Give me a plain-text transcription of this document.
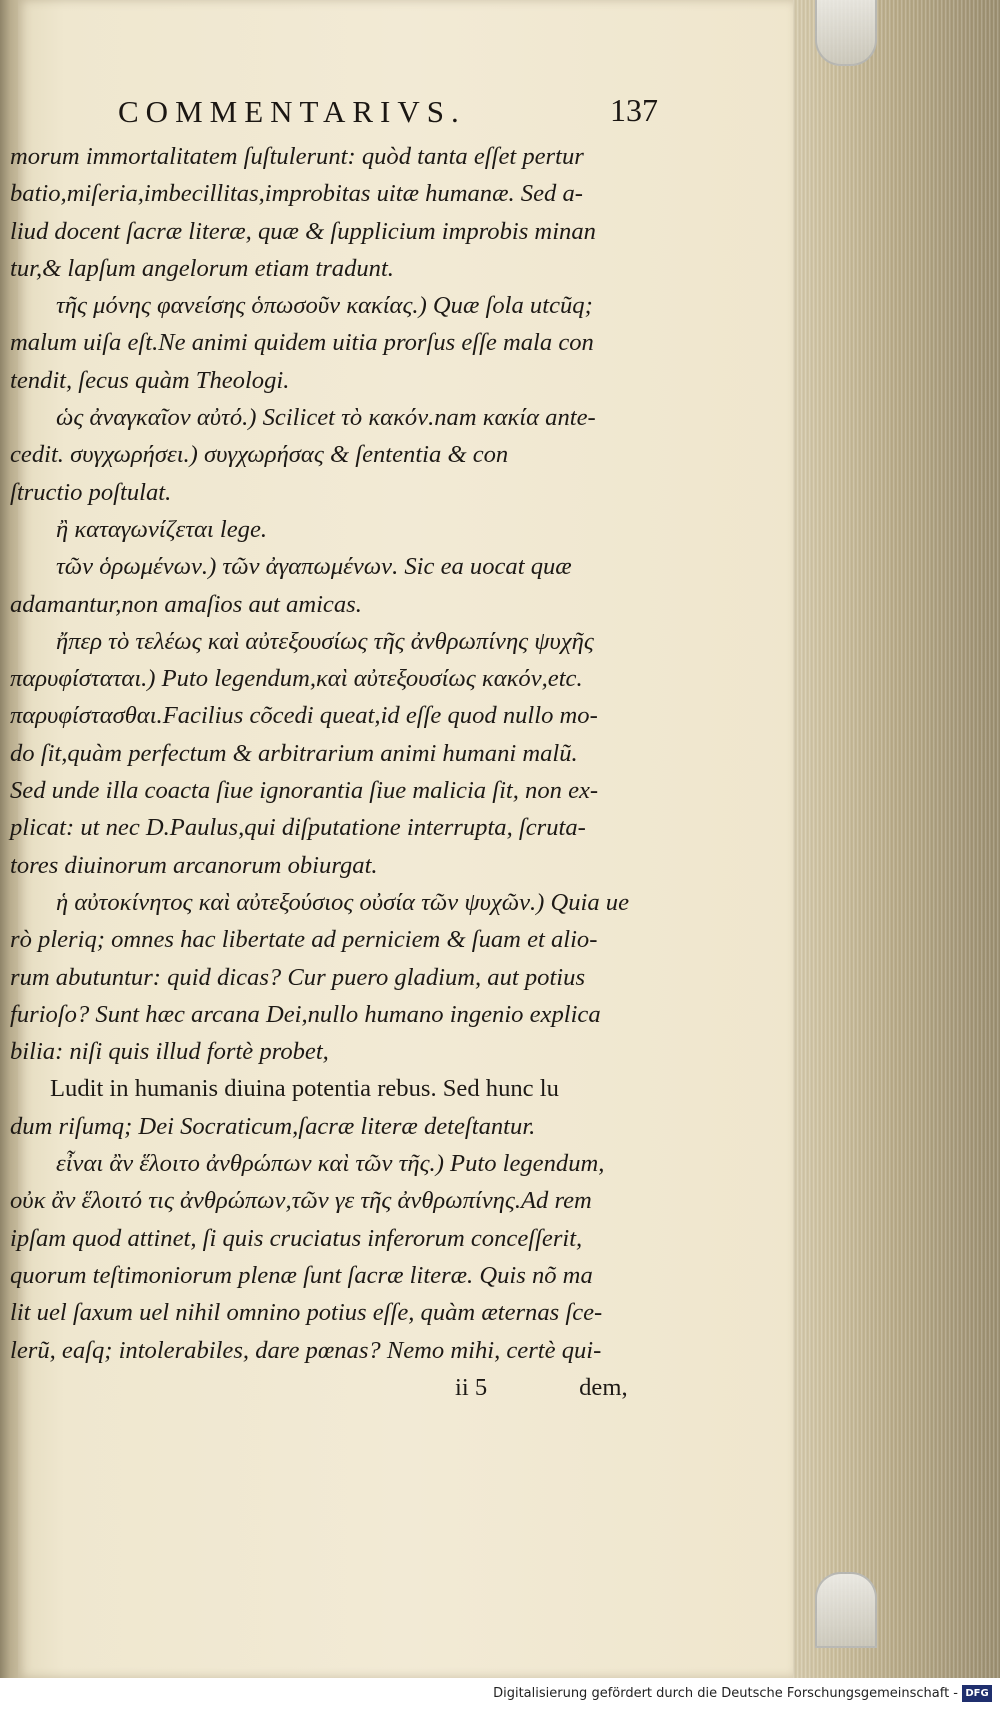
COMMENTARIVS.	137
morum immortalitatem ſuſtulerunt: quòd tanta eſſet pertur
batio,miſeria,imbecillitas,improbitas uitæ humanæ. Sed a-
liud docent ſacræ literæ, quæ & ſupplicium improbis minan
tur,& lapſum angelorum etiam tradunt.
τῆς μόνης φανείσης ὁπωσοῦν κακίας.) Quæ ſola utcũq;
malum uiſa eſt.Ne animi quidem uitia prorſus eſſe mala con
tendit, ſecus quàm Theologi.
ὡς ἀναγκαῖον αὐτό.) Scilicet τὸ κακόν.nam κακία ante-
cedit. συγχωρήσει.) συγχωρήσας & ſententia & con
ſtructio poſtulat.
ἢ καταγωνίζεται lege.
τῶν ὁρωμένων.) τῶν ἀγαπωμένων. Sic ea uocat quæ
adamantur,non amaſios aut amicas.
ἤπερ τὸ τελέως καὶ αὐτεξουσίως τῆς ἀνθρωπίνης ψυχῆς
παρυφίσταται.) Puto legendum,καὶ αὐτεξουσίως κακόν,etc.
παρυφίστασθαι.Facilius cõcedi queat,id eſſe quod nullo mo-
do ſit,quàm perfectum & arbitrarium animi humani malũ.
Sed unde illa coacta ſiue ignorantia ſiue malicia ſit, non ex-
plicat: ut nec D.Paulus,qui diſputatione interrupta, ſcruta-
tores diuinorum arcanorum obiurgat.
ἡ αὐτοκίνητος καὶ αὐτεξούσιος οὐσία τῶν ψυχῶν.) Quia ue
rò pleriq; omnes hac libertate ad perniciem & ſuam et alio-
rum abutuntur: quid dicas? Cur puero gladium, aut potius
furioſo? Sunt hæc arcana Dei,nullo humano ingenio explica
bilia: niſi quis illud fortè probet,
Ludit in humanis diuina potentia rebus. Sed hunc lu
dum riſumq; Dei Socraticum,ſacræ literæ deteſtantur.
εἶναι ἂν ἕλοιτο ἀνθρώπων καὶ τῶν τῆς.) Puto legendum,
οὐκ ἂν ἕλοιτό τις ἀνθρώπων,τῶν γε τῆς ἀνθρωπίνης.Ad rem
ipſam quod attinet, ſi quis cruciatus inferorum conceſſerit,
quorum teſtimoniorum plenæ ſunt ſacræ literæ. Quis nõ ma
lit uel ſaxum uel nihil omnino potius eſſe, quàm æternas ſce-
lerũ, eaſq; intolerabiles, dare pœnas? Nemo mihi, certè qui-
ii 5	dem,
Digitalisierung gefördert durch die Deutsche Forschungsgemeinschaft - DFG
